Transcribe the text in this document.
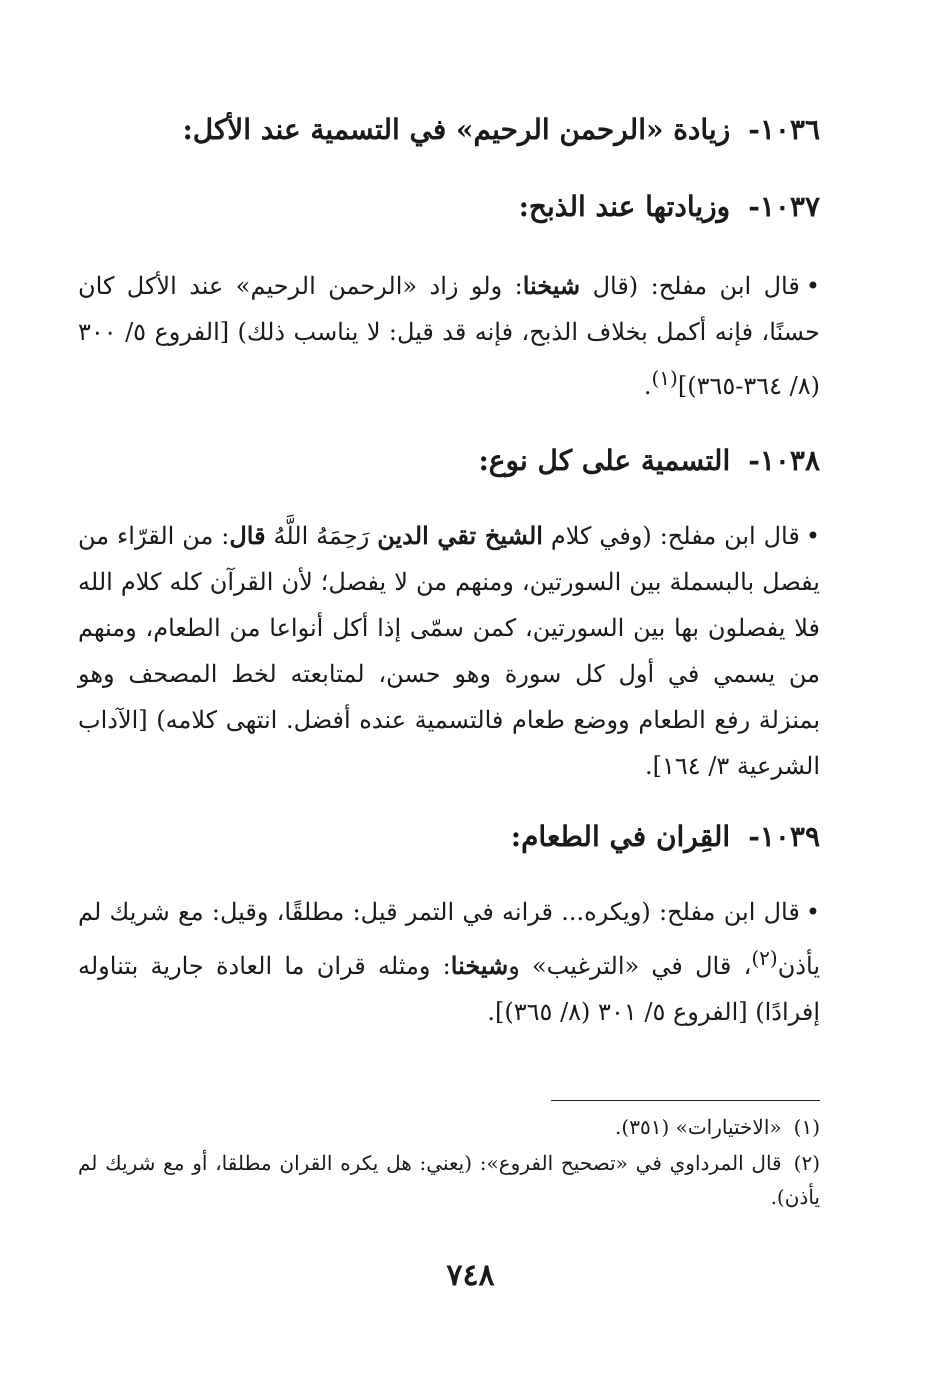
١٠٣٦-زيادة «الرحمن الرحيم» في التسمية عند الأكل:
١٠٣٧-وزيادتها عند الذبح:
•قال ابن مفلح: (قال شيخنا: ولو زاد «الرحمن الرحيم» عند الأكل كان حسنًا، فإنه أكمل بخلاف الذبح، فإنه قد قيل: لا يناسب ذلك) [الفروع ٥/ ٣٠٠ (٨/ ٣٦٤-٣٦٥)]$^{(١)}$.
١٠٣٨-التسمية على كل نوع:
•قال ابن مفلح: (وفي كلام الشيخ تقي الدين رَحِمَهُ اللَّهُ قال: من القرّاء من يفصل بالبسملة بين السورتين، ومنهم من لا يفصل؛ لأن القرآن كله كلام الله فلا يفصلون بها بين السورتين، كمن سمّى إذا أكل أنواعا من الطعام، ومنهم من يسمي في أول كل سورة وهو حسن، لمتابعته لخط المصحف وهو بمنزلة رفع الطعام ووضع طعام فالتسمية عنده أفضل. انتهى كلامه) [الآداب الشرعية ٣/ ١٦٤].
١٠٣٩-القِران في الطعام:
•قال ابن مفلح: (ويكره... قرانه في التمر قيل: مطلقًا، وقيل: مع شريك لم يأذن$^{(٢)}$، قال في «الترغيب» وشيخنا: ومثله قران ما العادة جارية بتناوله إفرادًا) [الفروع ٥/ ٣٠١ (٨/ ٣٦٥)].
(١)«الاختيارات» (٣٥١).
(٢)قال المرداوي في «تصحيح الفروع»: (يعني: هل يكره القران مطلقا، أو مع شريك لم يأذن).
٧٤٨
